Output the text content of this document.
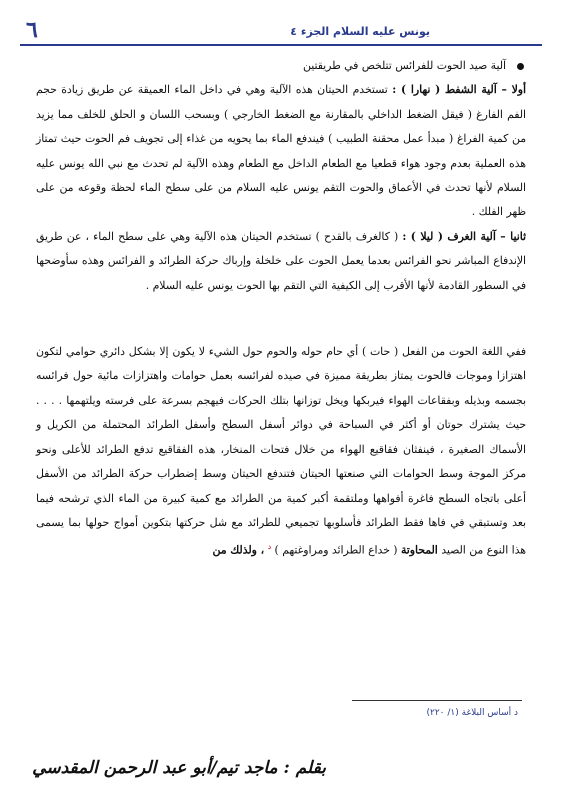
يونس عليه السلام الجزء ٤
٦

آلية صيد الحوت للفرائس تتلخص في طريقتين

أولا – آلية الشفط ( نهارا ) : تستخدم الحيتان هذه الآلية وهي في داخل الماء العميقة عن طريق زيادة حجم الفم الفارغ ( فيقل الضغط الداخلي بالمقارنة مع الضغط الخارجي ) وبسحب اللسان و الحلق للخلف مما يزيد من كمية الفراغ ( مبدأ عمل محقنة الطبيب ) فيندفع الماء بما يحويه من غذاء إلى تجويف فم الحوت حيث تمتاز هذه العملية بعدم وجود هواء قطعيا مع الطعام الداخل مع الطعام وهذه الآلية لم تحدث مع نبي الله يونس عليه السلام لأنها تحدث في الأعماق والحوت التقم يونس عليه السلام من على سطح الماء لحظة وقوعه من على ظهر الفلك .

ثانيا – آلية الغرف ( ليلا ) : ( كالغرف بالقدح ) تستخدم الحيتان هذه الآلية وهي على سطح الماء ، عن طريق الإندفاع المباشر نحو الفرائس بعدما يعمل الحوت على خلخلة وإرباك حركة الطرائد و الفرائس وهذه سأوضحها في السطور القادمة لأنها الأقرب إلى الكيفية التي التقم بها الحوت يونس عليه السلام .

ففي اللغة الحوت من الفعل ( حات ) أي حام حوله والحوم حول الشيء لا يكون إلا بشكل دائري حوامي لتكون اهتزازا وموجات فالحوت يمتاز بطريقة مميزة في صيده لفرائسه بعمل حوامات واهتزازات مائية حول فرائسه بجسمه وبذيله وبفقاعات الهواء فيربكها ويخل توزانها بتلك الحركات فيهجم بسرعة على فرسته ويلتهمها . . . . حيث يشترك حوتان أو أكثر في السباحة في دوائر أسفل السطح وأسفل الطرائد المحتملة من الكريل و الأسماك الصغيرة ، فينفثان فقاقيع الهواء من خلال فتحات المنخار، هذه الفقاقيع تدفع الطرائد للأعلى ونحو مركز الموجة وسط الحوامات التي صنعتها الحيتان فتندفع الحيتان وسط إضطراب حركة الطرائد من الأسفل أعلى باتجاه السطح فاغرة أفواهها وملتقمة أكبر كمية من الطرائد مع كمية كبيرة من الماء الذي ترشحه فيما بعد وتستبقي في فاها فقط الطرائد فأسلوبها تجميعي للطرائد مع شل حركتها بتكوين أمواج حولها بما يسمى هذا النوع من الصيد المحاوتة ( خداع الطرائد ومراوغتهم ) $^د$ ، ولذلك من

د أساس البلاغة (١/ ٢٢٠)
بقلم : ماجد تيم/أبو عبد الرحمن المقدسي
